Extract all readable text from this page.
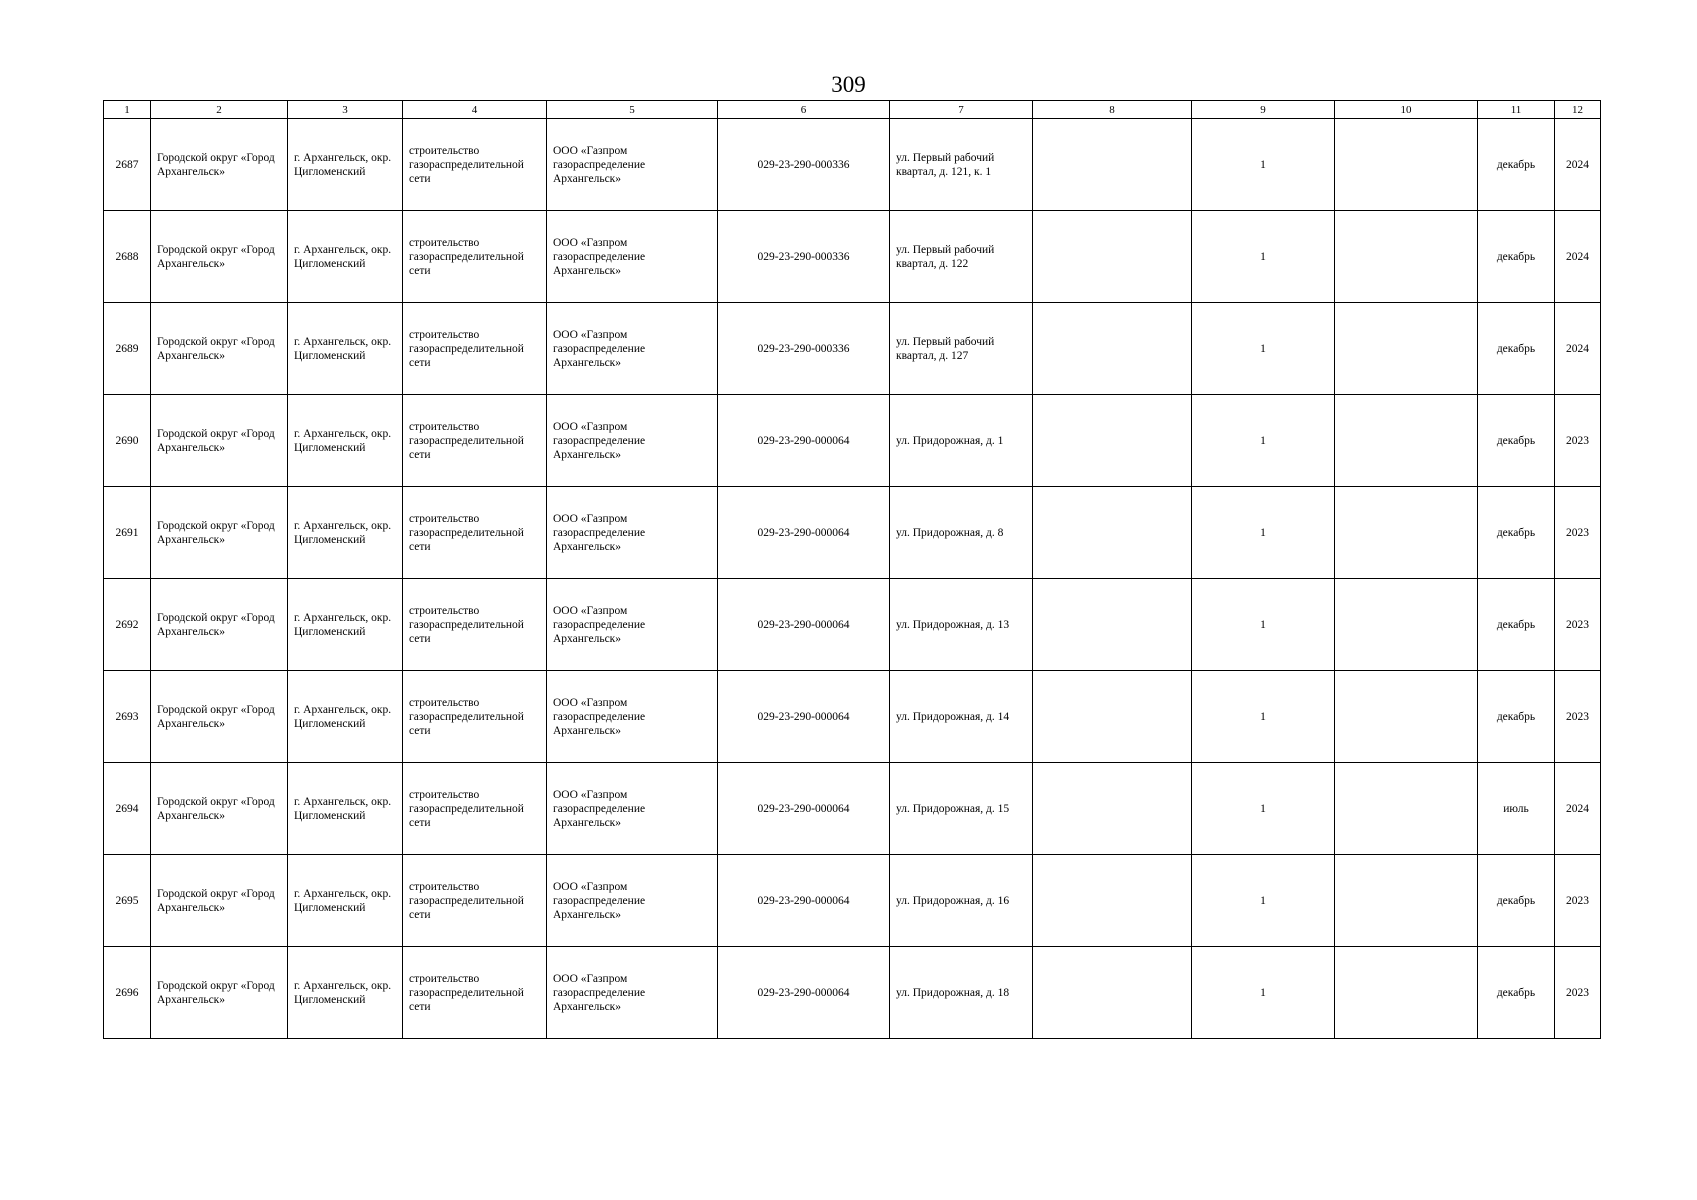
309
1	2	3	4	5	6	7	8	9	10	11	12
2687	Городской округ «Город Архангельск»	г. Архангельск, окр. Цигломенский	строительство газораспределительной сети	ООО «Газпром газораспределение Архангельск»	029-23-290-000336	ул. Первый рабочий квартал, д. 121, к. 1		1		декабрь	2024
2688	Городской округ «Город Архангельск»	г. Архангельск, окр. Цигломенский	строительство газораспределительной сети	ООО «Газпром газораспределение Архангельск»	029-23-290-000336	ул. Первый рабочий квартал, д. 122		1		декабрь	2024
2689	Городской округ «Город Архангельск»	г. Архангельск, окр. Цигломенский	строительство газораспределительной сети	ООО «Газпром газораспределение Архангельск»	029-23-290-000336	ул. Первый рабочий квартал, д. 127		1		декабрь	2024
2690	Городской округ «Город Архангельск»	г. Архангельск, окр. Цигломенский	строительство газораспределительной сети	ООО «Газпром газораспределение Архангельск»	029-23-290-000064	ул. Придорожная, д. 1		1		декабрь	2023
2691	Городской округ «Город Архангельск»	г. Архангельск, окр. Цигломенский	строительство газораспределительной сети	ООО «Газпром газораспределение Архангельск»	029-23-290-000064	ул. Придорожная, д. 8		1		декабрь	2023
2692	Городской округ «Город Архангельск»	г. Архангельск, окр. Цигломенский	строительство газораспределительной сети	ООО «Газпром газораспределение Архангельск»	029-23-290-000064	ул. Придорожная, д. 13		1		декабрь	2023
2693	Городской округ «Город Архангельск»	г. Архангельск, окр. Цигломенский	строительство газораспределительной сети	ООО «Газпром газораспределение Архангельск»	029-23-290-000064	ул. Придорожная, д. 14		1		декабрь	2023
2694	Городской округ «Город Архангельск»	г. Архангельск, окр. Цигломенский	строительство газораспределительной сети	ООО «Газпром газораспределение Архангельск»	029-23-290-000064	ул. Придорожная, д. 15		1		июль	2024
2695	Городской округ «Город Архангельск»	г. Архангельск, окр. Цигломенский	строительство газораспределительной сети	ООО «Газпром газораспределение Архангельск»	029-23-290-000064	ул. Придорожная, д. 16		1		декабрь	2023
2696	Городской округ «Город Архангельск»	г. Архангельск, окр. Цигломенский	строительство газораспределительной сети	ООО «Газпром газораспределение Архангельск»	029-23-290-000064	ул. Придорожная, д. 18		1		декабрь	2023
